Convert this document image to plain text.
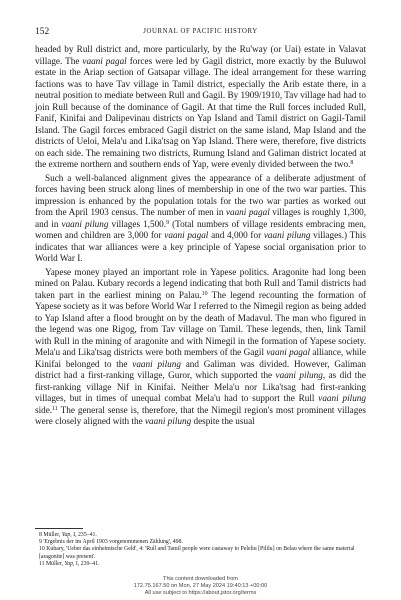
152	JOURNAL OF PACIFIC HISTORY

headed by Rull district and, more particularly, by the Ru'way (or Uai) estate in Valavat village. The vaani pagal forces were led by Gagil district, more exactly by the Buluwol estate in the Ariap section of Gatsapar village. The ideal arrangement for these warring factions was to have Tav village in Tamil district, especially the Arib estate there, in a neutral position to mediate between Rull and Gagil. By 1909/1910, Tav village had had to join Rull because of the dominance of Gagil. At that time the Rull forces included Rull, Fanif, Kinifai and Dalipevinau districts on Yap Island and Tamil district on Gagil-Tamil Island. The Gagil forces embraced Gagil district on the same island, Map Island and the districts of Ueloi, Mela'u and Lika'tsag on Yap Island. There were, therefore, five districts on each side. The remaining two districts, Rumung Island and Galiman district located at the extreme northern and southern ends of Yap, were evenly divided between the two.$^8$

Such a well-balanced alignment gives the appearance of a deliberate adjustment of forces having been struck along lines of membership in one of the two war parties. This impression is enhanced by the population totals for the two war parties as worked out from the April 1903 census. The number of men in vaani pagal villages is roughly 1,300, and in vaani pilung villages 1,500.$^9$ (Total numbers of village residents embracing men, women and children are 3,000 for vaani pagal and 4,000 for vaani pilung villages.) This indicates that war alliances were a key principle of Yapese social organisation prior to World War I.

Yapese money played an important role in Yapese politics. Aragonite had long been mined on Palau. Kubary records a legend indicating that both Rull and Tamil districts had taken part in the earliest mining on Palau.$^{10}$ The legend recounting the formation of Yapese society as it was before World War I referred to the Nimegil region as being added to Yap Island after a flood brought on by the death of Madavul. The man who figured in the legend was one Rigog, from Tav village on Tamil. These legends, then, link Tamil with Rull in the mining of aragonite and with Nimegil in the formation of Yapese society. Mela'u and Lika'tsag districts were both members of the Gagil vaani pagal alliance, while Kinifai belonged to the vaani pilung and Galiman was divided. However, Galiman district had a first-ranking village, Guror, which supported the vaani pilung, as did the first-ranking village Nif in Kinifai. Neither Mela'u nor Lika'tsag had first-ranking villages, but in times of unequal combat Mela'u had to support the Rull vaani pilung side.$^{11}$ The general sense is, therefore, that the Nimegil region's most prominent villages were closely aligned with the vaani pilung despite the usual

8 Müller, Yap, I, 235–41.

9 'Ergebnis der im April 1903 vorgenommenen Zählung', 498.

10 Kubary, 'Ueber das einheimische Geld', 4: 'Rull and Tamil people were castaway to Peleliu [Pililu] on Belau where the same material [aragonite] was present'.

11 Müller, Yap, I, 239–41.

This content downloaded from
172.75.167.50 on Mon, 27 May 2024 19:40:13 +00:00
All use subject to https://about.jstor.org/terms
